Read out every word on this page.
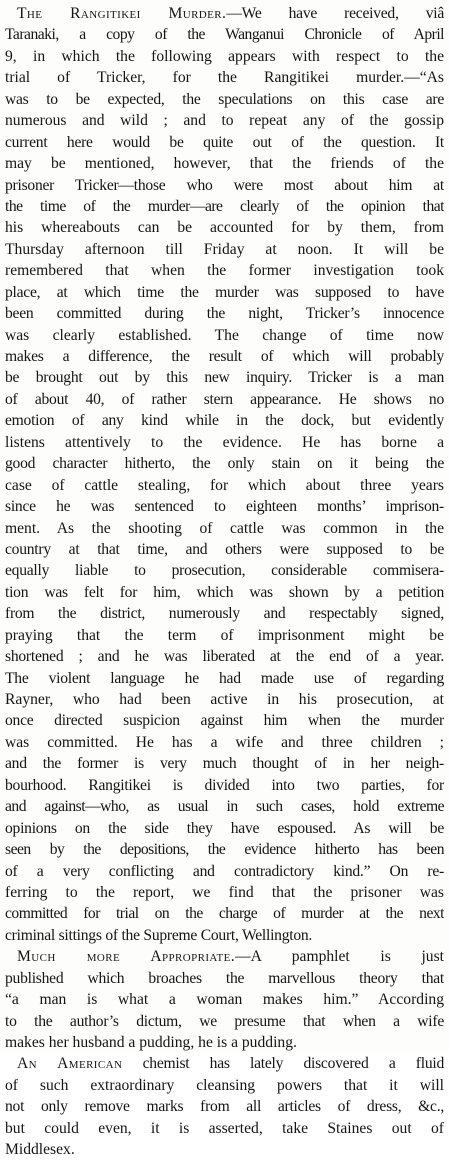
The Rangitikei Murder.—We have received, viâ
Taranaki, a copy of the Wanganui Chronicle of April
9, in which the following appears with respect to the
trial of Tricker, for the Rangitikei murder.—“As
was to be expected, the speculations on this case are
numerous and wild ; and to repeat any of the gossip
current here would be quite out of the question. It
may be mentioned, however, that the friends of the
prisoner Tricker—those who were most about him at
the time of the murder—are clearly of the opinion that
his whereabouts can be accounted for by them, from
Thursday afternoon till Friday at noon. It will be
remembered that when the former investigation took
place, at which time the murder was supposed to have
been committed during the night, Tricker’s innocence
was clearly established. The change of time now
makes a difference, the result of which will probably
be brought out by this new inquiry. Tricker is a man
of about 40, of rather stern appearance. He shows no
emotion of any kind while in the dock, but evidently
listens attentively to the evidence. He has borne a
good character hitherto, the only stain on it being the
case of cattle stealing, for which about three years
since he was sentenced to eighteen months’ imprison-
ment. As the shooting of cattle was common in the
country at that time, and others were supposed to be
equally liable to prosecution, considerable commisera-
tion was felt for him, which was shown by a petition
from the district, numerously and respectably signed,
praying that the term of imprisonment might be
shortened ; and he was liberated at the end of a year.
The violent language he had made use of regarding
Rayner, who had been active in his prosecution, at
once directed suspicion against him when the murder
was committed. He has a wife and three children ;
and the former is very much thought of in her neigh-
bourhood. Rangitikei is divided into two parties, for
and against—who, as usual in such cases, hold extreme
opinions on the side they have espoused. As will be
seen by the depositions, the evidence hitherto has been
of a very conflicting and contradictory kind.” On re-
ferring to the report, we find that the prisoner was
committed for trial on the charge of murder at the next
criminal sittings of the Supreme Court, Wellington.

Much more Appropriate.—A pamphlet is just
published which broaches the marvellous theory that
“a man is what a woman makes him.” According
to the author’s dictum, we presume that when a wife
makes her husband a pudding, he is a pudding.

An American chemist has lately discovered a fluid
of such extraordinary cleansing powers that it will
not only remove marks from all articles of dress, &c.,
but could even, it is asserted, take Staines out of
Middlesex.
